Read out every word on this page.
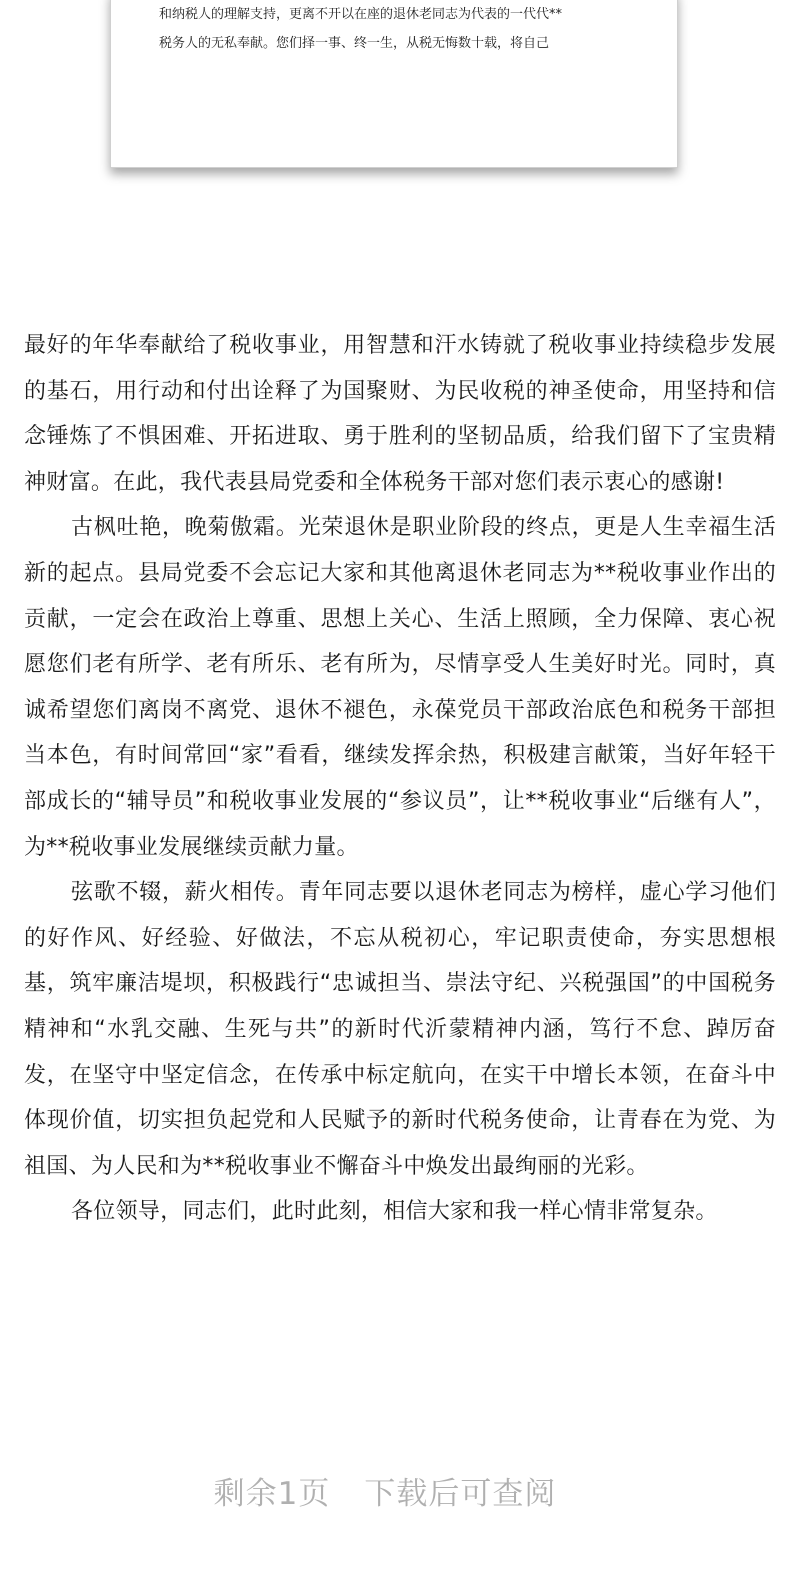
和纳税人的理解支持，更离不开以在座的退休老同志为代表的一代代**
税务人的无私奉献。您们择一事、终一生，从税无悔数十载，将自己

最好的年华奉献给了税收事业，用智慧和汗水铸就了税收事业持续稳步发展的基石，用行动和付出诠释了为国聚财、为民收税的神圣使命，用坚持和信念锤炼了不惧困难、开拓进取、勇于胜利的坚韧品质，给我们留下了宝贵精神财富。在此，我代表县局党委和全体税务干部对您们表示衷心的感谢!

古枫吐艳，晚菊傲霜。光荣退休是职业阶段的终点，更是人生幸福生活新的起点。县局党委不会忘记大家和其他离退休老同志为**税收事业作出的贡献，一定会在政治上尊重、思想上关心、生活上照顾，全力保障、衷心祝愿您们老有所学、老有所乐、老有所为，尽情享受人生美好时光。同时，真诚希望您们离岗不离党、退休不褪色，永葆党员干部政治底色和税务干部担当本色，有时间常回“家”看看，继续发挥余热，积极建言献策，当好年轻干部成长的“辅导员”和税收事业发展的“参议员”，让**税收事业“后继有人”，为**税收事业发展继续贡献力量。

弦歌不辍，薪火相传。青年同志要以退休老同志为榜样，虚心学习他们的好作风、好经验、好做法，不忘从税初心，牢记职责使命，夯实思想根基，筑牢廉洁堤坝，积极践行“忠诚担当、崇法守纪、兴税强国”的中国税务精神和“水乳交融、生死与共”的新时代沂蒙精神内涵，笃行不怠、踔厉奋发，在坚守中坚定信念，在传承中标定航向，在实干中增长本领，在奋斗中体现价值，切实担负起党和人民赋予的新时代税务使命，让青春在为党、为祖国、为人民和为**税收事业不懈奋斗中焕发出最绚丽的光彩。

各位领导，同志们，此时此刻，相信大家和我一样心情非常复杂。

剩余1页 下载后可查阅
